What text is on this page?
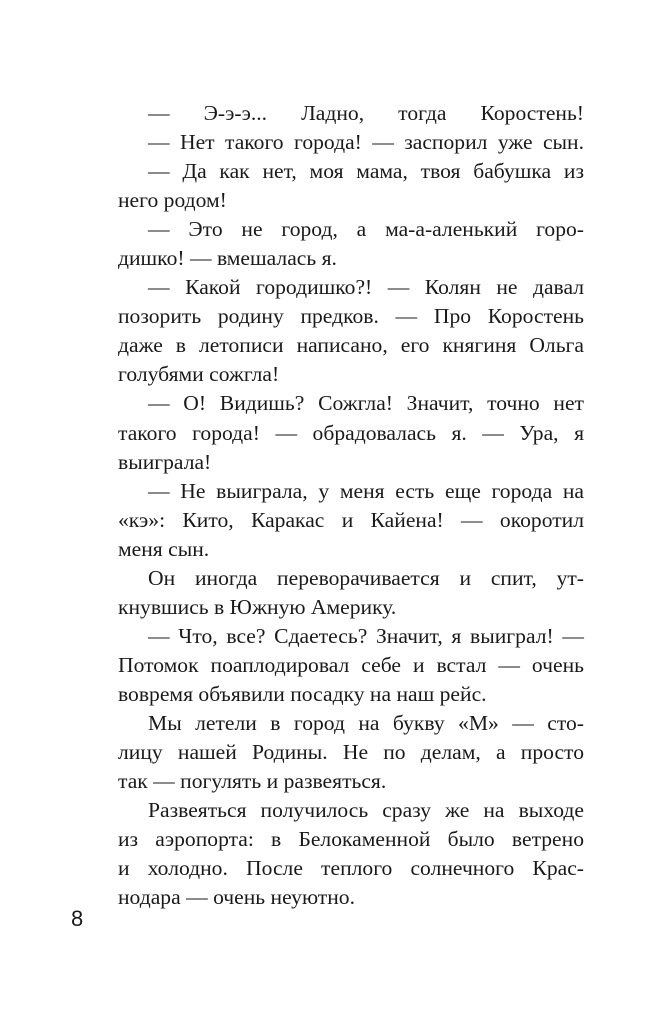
— Э-э-э... Ладно, тогда Коростень!
— Нет такого города! — заспорил уже сын.
— Да как нет, моя мама, твоя бабушка из
него родом!
— Это не город, а ма-а-аленький горо-
дишко! — вмешалась я.
— Какой городишко?! — Колян не давал
позорить родину предков. — Про Коростень
даже в летописи написано, его княгиня Ольга
голубями сожгла!
— О! Видишь? Сожгла! Значит, точно нет
такого города! — обрадовалась я. — Ура, я
выиграла!
— Не выиграла, у меня есть еще города на
«кэ»: Кито, Каракас и Кайена! — окоротил
меня сын.
Он иногда переворачивается и спит, ут-
кнувшись в Южную Америку.
— Что, все? Сдаетесь? Значит, я выиграл! —
Потомок поаплодировал себе и встал — очень
вовремя объявили посадку на наш рейс.
Мы летели в город на букву «М» — сто-
лицу нашей Родины. Не по делам, а просто
так — погулять и развеяться.
Развеяться получилось сразу же на выходе
из аэропорта: в Белокаменной было ветрено
и холодно. После теплого солнечного Крас-
нодара — очень неуютно.
8
